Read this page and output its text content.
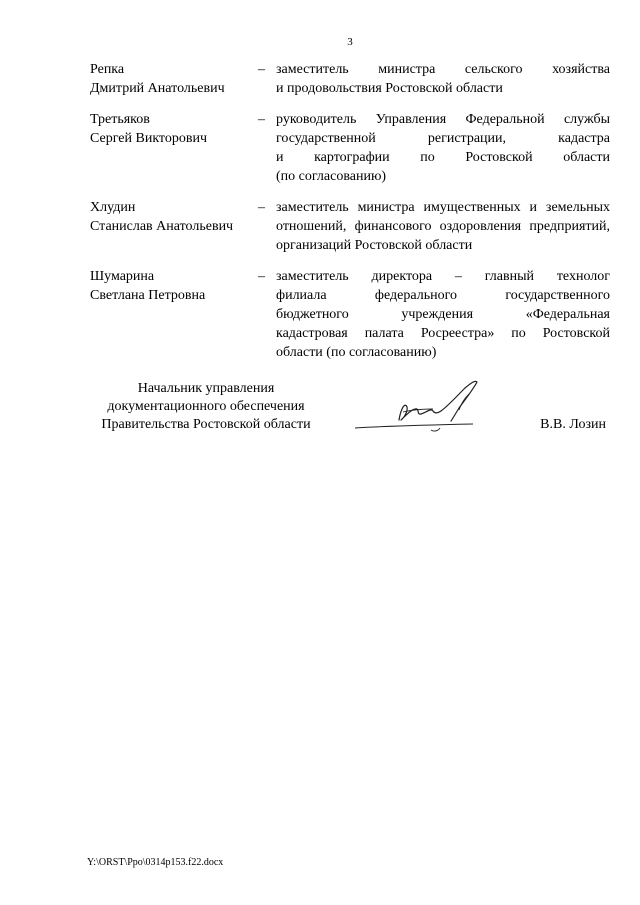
3
Репка
Дмитрий Анатольевич
– заместитель министра сельского хозяйства
и продовольствия Ростовской области
Третьяков
Сергей Викторович
– руководитель Управления Федеральной службы
государственной регистрации, кадастра
и картографии по Ростовской области
(по согласованию)
Хлудин
Станислав Анатольевич
– заместитель министра имущественных и земельных
отношений, финансового оздоровления предприятий,
организаций Ростовской области
Шумарина
Светлана Петровна
– заместитель директора – главный технолог
филиала федерального государственного
бюджетного учреждения «Федеральная
кадастровая палата Росреестра» по Ростовской
области (по согласованию)
Начальник управления
документационного обеспечения
Правительства Ростовской области	В.В. Лозин
Y:\ORST\Ppo\0314p153.f22.docx
